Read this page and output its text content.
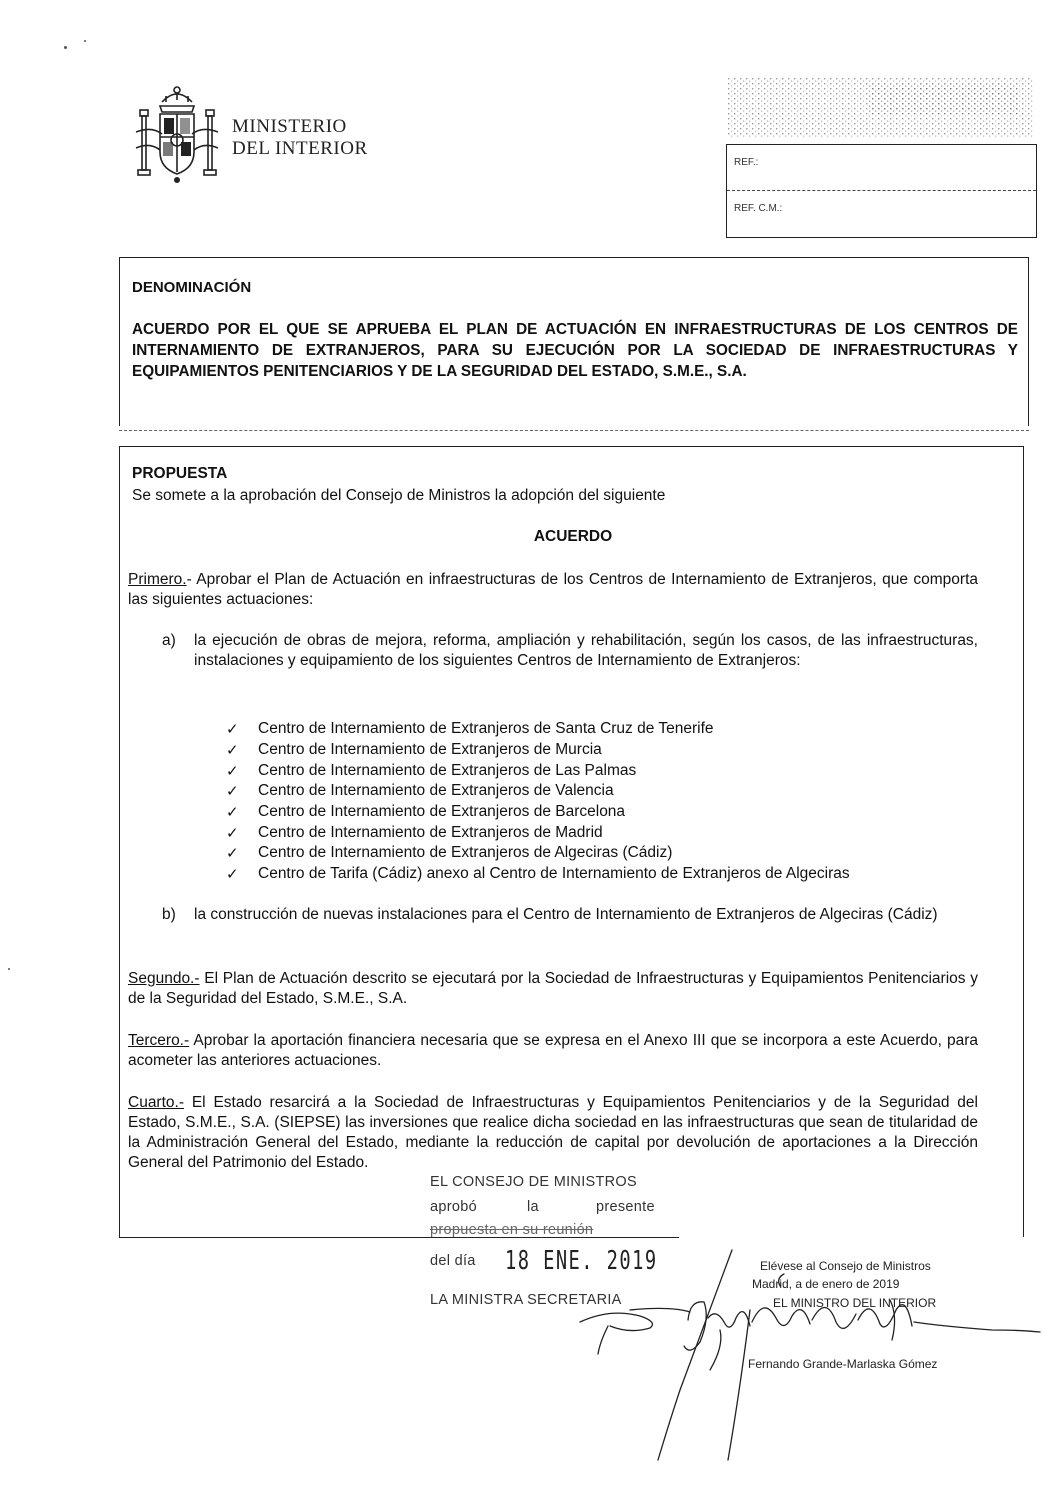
MINISTERIO
DEL INTERIOR
REF.:
REF. C.M.:
DENOMINACIÓN
ACUERDO POR EL QUE SE APRUEBA EL PLAN DE ACTUACIÓN EN INFRAESTRUCTURAS DE LOS CENTROS DE INTERNAMIENTO DE EXTRANJEROS, PARA SU EJECUCIÓN POR LA SOCIEDAD DE INFRAESTRUCTURAS Y EQUIPAMIENTOS PENITENCIARIOS Y DE LA SEGURIDAD DEL ESTADO, S.M.E., S.A.
PROPUESTA
Se somete a la aprobación del Consejo de Ministros la adopción del siguiente
ACUERDO
Primero.- Aprobar el Plan de Actuación en infraestructuras de los Centros de Internamiento de Extranjeros, que comporta las siguientes actuaciones:
a) la ejecución de obras de mejora, reforma, ampliación y rehabilitación, según los casos, de las infraestructuras, instalaciones y equipamiento de los siguientes Centros de Internamiento de Extranjeros:
✓	Centro de Internamiento de Extranjeros de Santa Cruz de Tenerife
✓	Centro de Internamiento de Extranjeros de Murcia
✓	Centro de Internamiento de Extranjeros de Las Palmas
✓	Centro de Internamiento de Extranjeros de Valencia
✓	Centro de Internamiento de Extranjeros de Barcelona
✓	Centro de Internamiento de Extranjeros de Madrid
✓	Centro de Internamiento de Extranjeros de Algeciras (Cádiz)
✓	Centro de Tarifa (Cádiz) anexo al Centro de Internamiento de Extranjeros de Algeciras
b) la construcción de nuevas instalaciones para el Centro de Internamiento de Extranjeros de Algeciras (Cádiz)
Segundo.- El Plan de Actuación descrito se ejecutará por la Sociedad de Infraestructuras y Equipamientos Penitenciarios y de la Seguridad del Estado, S.M.E., S.A.
Tercero.- Aprobar la aportación financiera necesaria que se expresa en el Anexo III que se incorpora a este Acuerdo, para acometer las anteriores actuaciones.
Cuarto.- El Estado resarcirá a la Sociedad de Infraestructuras y Equipamientos Penitenciarios y de la Seguridad del Estado, S.M.E., S.A. (SIEPSE) las inversiones que realice dicha sociedad en las infraestructuras que sean de titularidad de la Administración General del Estado, mediante la reducción de capital por devolución de aportaciones a la Dirección General del Patrimonio del Estado.
EL CONSEJO DE MINISTROS
aprobó	la	presente
propuesta en su reunión
del día 18 ENE. 2019
LA MINISTRA SECRETARIA
Elévese al Consejo de Ministros
Madrid, a de enero de 2019
EL MINISTRO DEL INTERIOR
Fernando Grande-Marlaska Gómez
